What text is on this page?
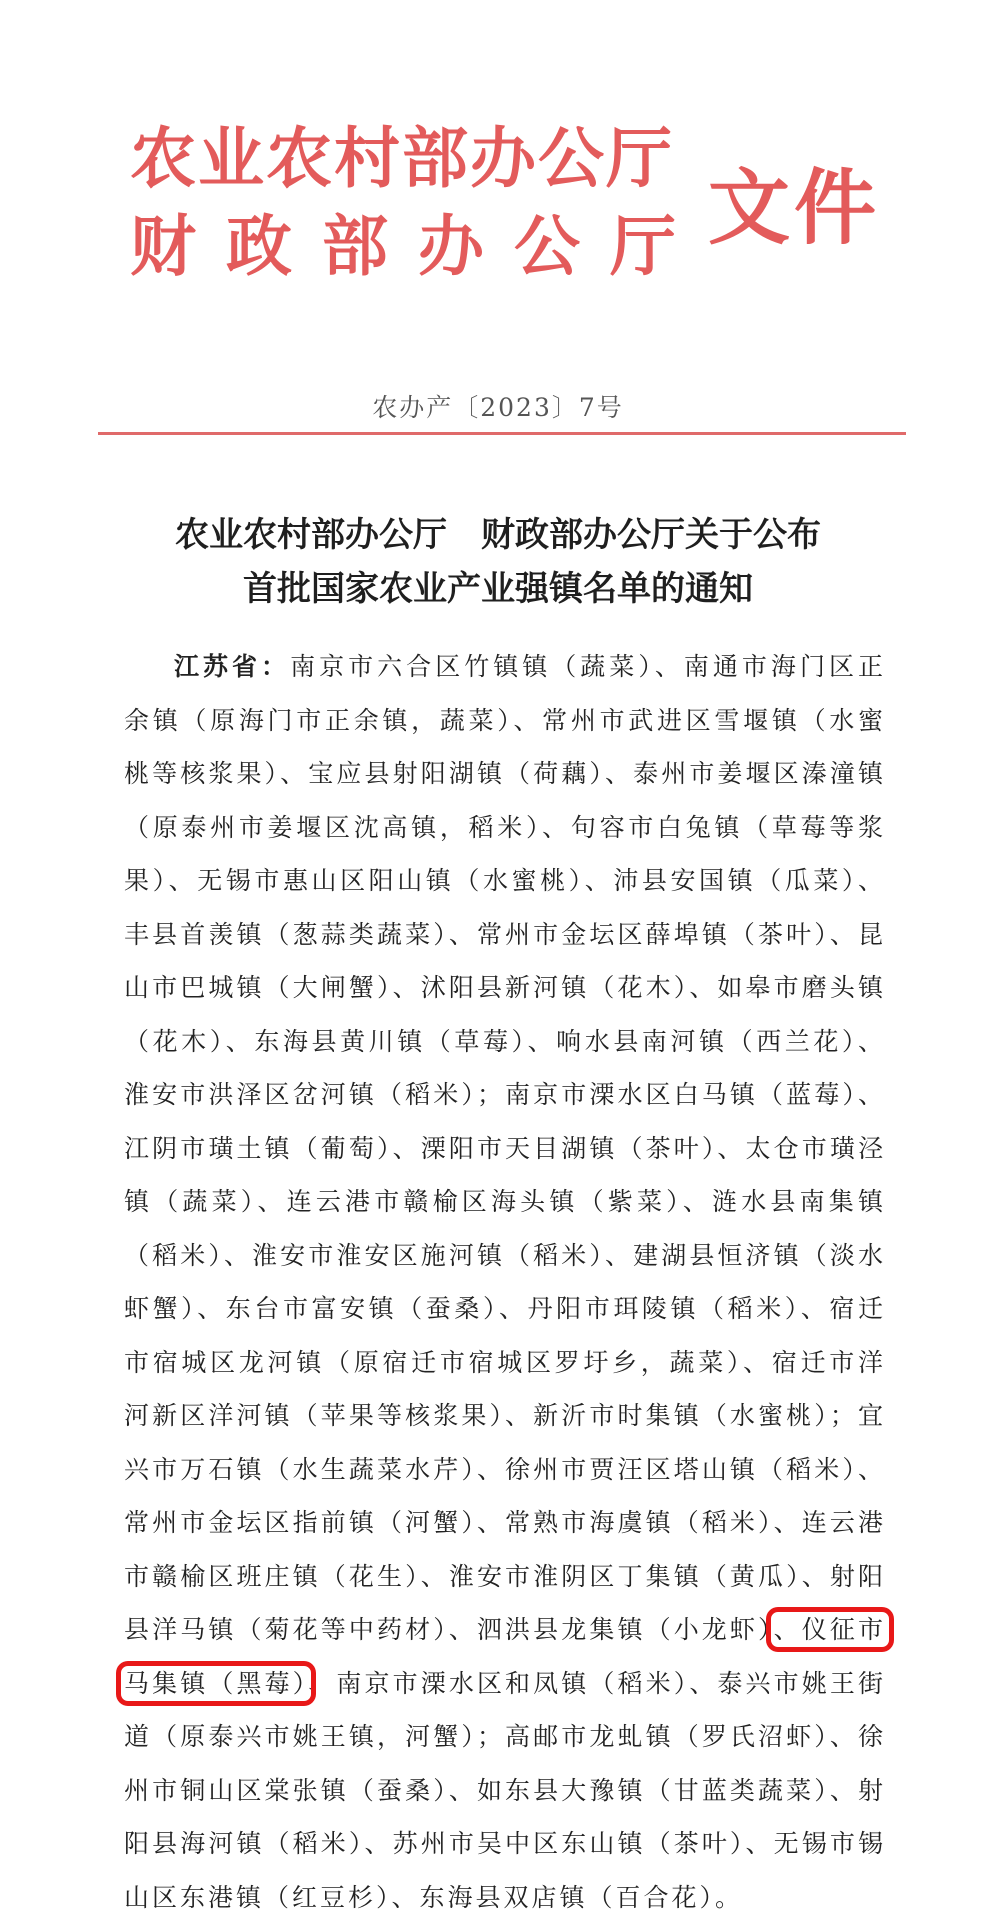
农业农村部办公厅
财政部办公厅 文件
农办产〔2023〕7号
农业农村部办公厅　财政部办公厅关于公布
首批国家农业产业强镇名单的通知
江苏省：南京市六合区竹镇镇（蔬菜）、南通市海门区正余镇（原海门市正余镇，蔬菜）、常州市武进区雪堰镇（水蜜桃等核浆果）、宝应县射阳湖镇（荷藕）、泰州市姜堰区溱潼镇（原泰州市姜堰区沈高镇，稻米）、句容市白兔镇（草莓等浆果）、无锡市惠山区阳山镇（水蜜桃）、沛县安国镇（瓜菜）、丰县首羡镇（葱蒜类蔬菜）、常州市金坛区薛埠镇（茶叶）、昆山市巴城镇（大闸蟹）、沭阳县新河镇（花木）、如皋市磨头镇（花木）、东海县黄川镇（草莓）、响水县南河镇（西兰花）、淮安市洪泽区岔河镇（稻米）；南京市溧水区白马镇（蓝莓）、江阴市璜土镇（葡萄）、溧阳市天目湖镇（茶叶）、太仓市璜泾镇（蔬菜）、连云港市赣榆区海头镇（紫菜）、涟水县南集镇（稻米）、淮安市淮安区施河镇（稻米）、建湖县恒济镇（淡水虾蟹）、东台市富安镇（蚕桑）、丹阳市珥陵镇（稻米）、宿迁市宿城区龙河镇（原宿迁市宿城区罗圩乡，蔬菜）、宿迁市洋河新区洋河镇（苹果等核浆果）、新沂市时集镇（水蜜桃）；宜兴市万石镇（水生蔬菜水芹）、徐州市贾汪区塔山镇（稻米）、常州市金坛区指前镇（河蟹）、常熟市海虞镇（稻米）、连云港市赣榆区班庄镇（花生）、淮安市淮阴区丁集镇（黄瓜）、射阳县洋马镇（菊花等中药材）、泗洪县龙集镇（小龙虾）、仪征市马集镇（黑莓）、南京市溧水区和凤镇（稻米）、泰兴市姚王街道（原泰兴市姚王镇，河蟹）；高邮市龙虬镇（罗氏沼虾）、徐州市铜山区棠张镇（蚕桑）、如东县大豫镇（甘蓝类蔬菜）、射阳县海河镇（稻米）、苏州市吴中区东山镇（茶叶）、无锡市锡山区东港镇（红豆杉）、东海县双店镇（百合花）。
